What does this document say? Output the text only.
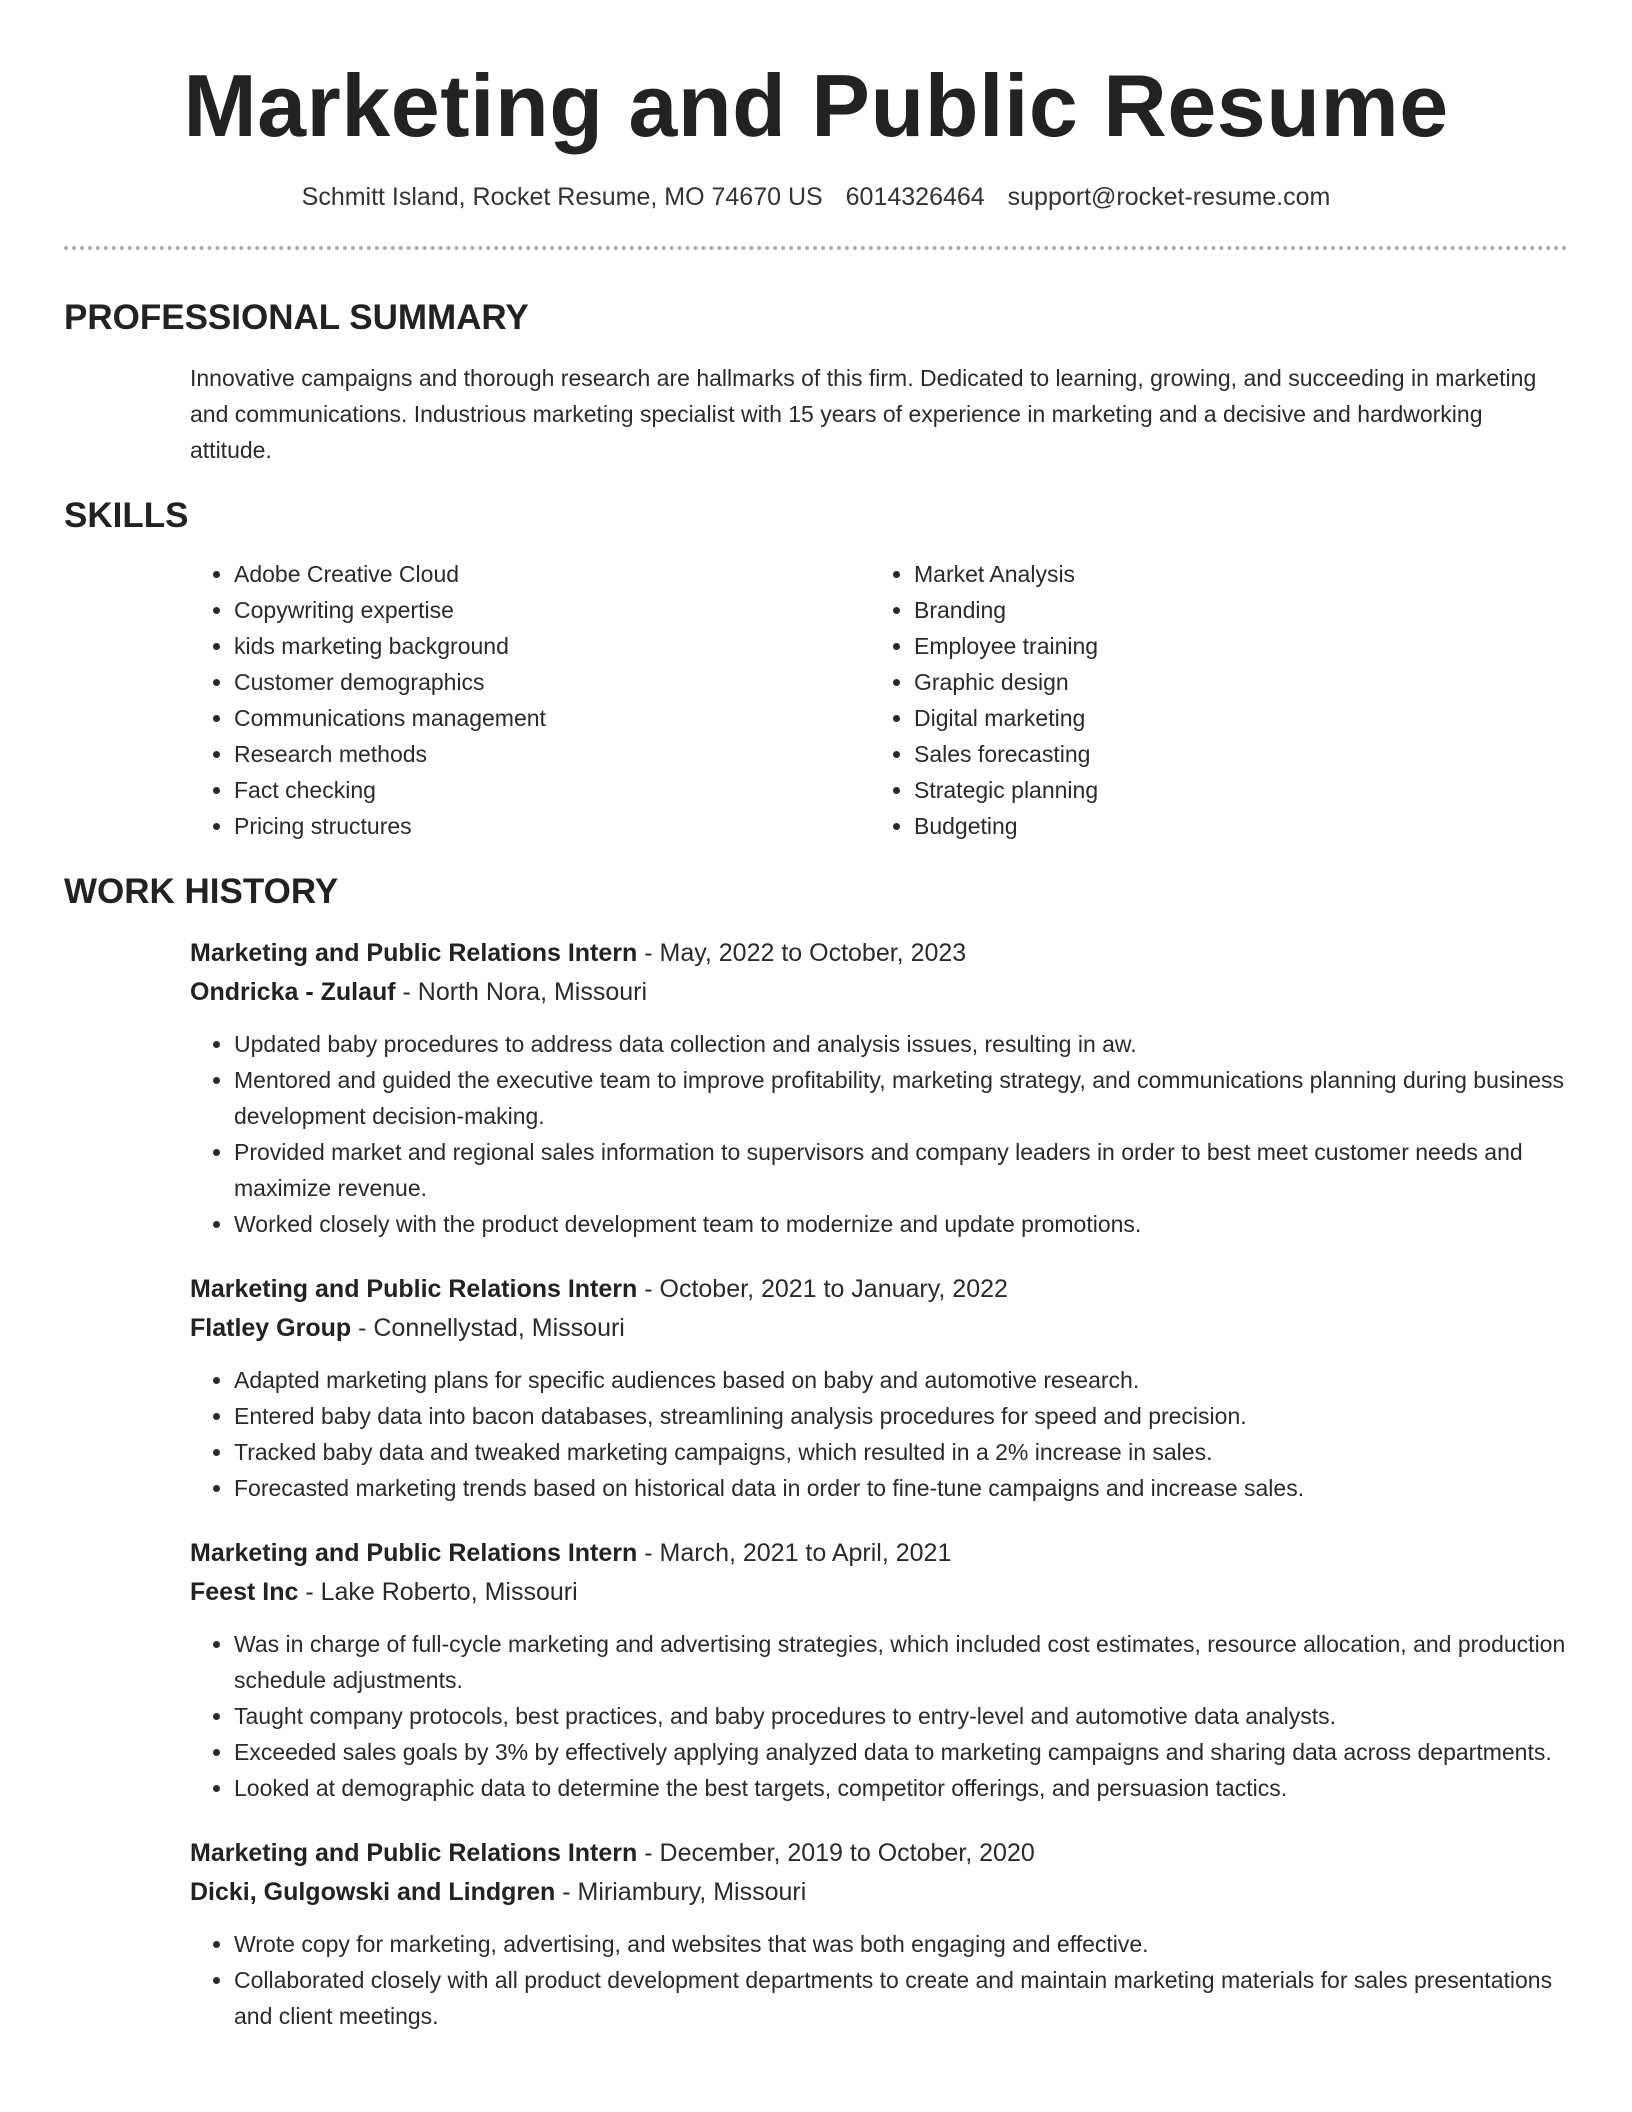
Marketing and Public Resume
Schmitt Island, Rocket Resume, MO 74670 US 6014326464 support@rocket-resume.com
PROFESSIONAL SUMMARY

Innovative campaigns and thorough research are hallmarks of this firm. Dedicated to learning, growing, and succeeding in marketing and communications. Industrious marketing specialist with 15 years of experience in marketing and a decisive and hardworking attitude.

SKILLS
• Adobe Creative Cloud
• Copywriting expertise
• kids marketing background
• Customer demographics
• Communications management
• Research methods
• Fact checking
• Pricing structures
• Market Analysis
• Branding
• Employee training
• Graphic design
• Digital marketing
• Sales forecasting
• Strategic planning
• Budgeting
WORK HISTORY
Marketing and Public Relations Intern - May, 2022 to October, 2023
Ondricka - Zulauf - North Nora, Missouri
• Updated baby procedures to address data collection and analysis issues, resulting in aw.
• Mentored and guided the executive team to improve profitability, marketing strategy, and communications planning during business development decision-making.
• Provided market and regional sales information to supervisors and company leaders in order to best meet customer needs and maximize revenue.
• Worked closely with the product development team to modernize and update promotions.
Marketing and Public Relations Intern - October, 2021 to January, 2022
Flatley Group - Connellystad, Missouri
• Adapted marketing plans for specific audiences based on baby and automotive research.
• Entered baby data into bacon databases, streamlining analysis procedures for speed and precision.
• Tracked baby data and tweaked marketing campaigns, which resulted in a 2% increase in sales.
• Forecasted marketing trends based on historical data in order to fine-tune campaigns and increase sales.
Marketing and Public Relations Intern - March, 2021 to April, 2021
Feest Inc - Lake Roberto, Missouri
• Was in charge of full-cycle marketing and advertising strategies, which included cost estimates, resource allocation, and production schedule adjustments.
• Taught company protocols, best practices, and baby procedures to entry-level and automotive data analysts.
• Exceeded sales goals by 3% by effectively applying analyzed data to marketing campaigns and sharing data across departments.
• Looked at demographic data to determine the best targets, competitor offerings, and persuasion tactics.
Marketing and Public Relations Intern - December, 2019 to October, 2020
Dicki, Gulgowski and Lindgren - Miriambury, Missouri
• Wrote copy for marketing, advertising, and websites that was both engaging and effective.
• Collaborated closely with all product development departments to create and maintain marketing materials for sales presentations and client meetings.
